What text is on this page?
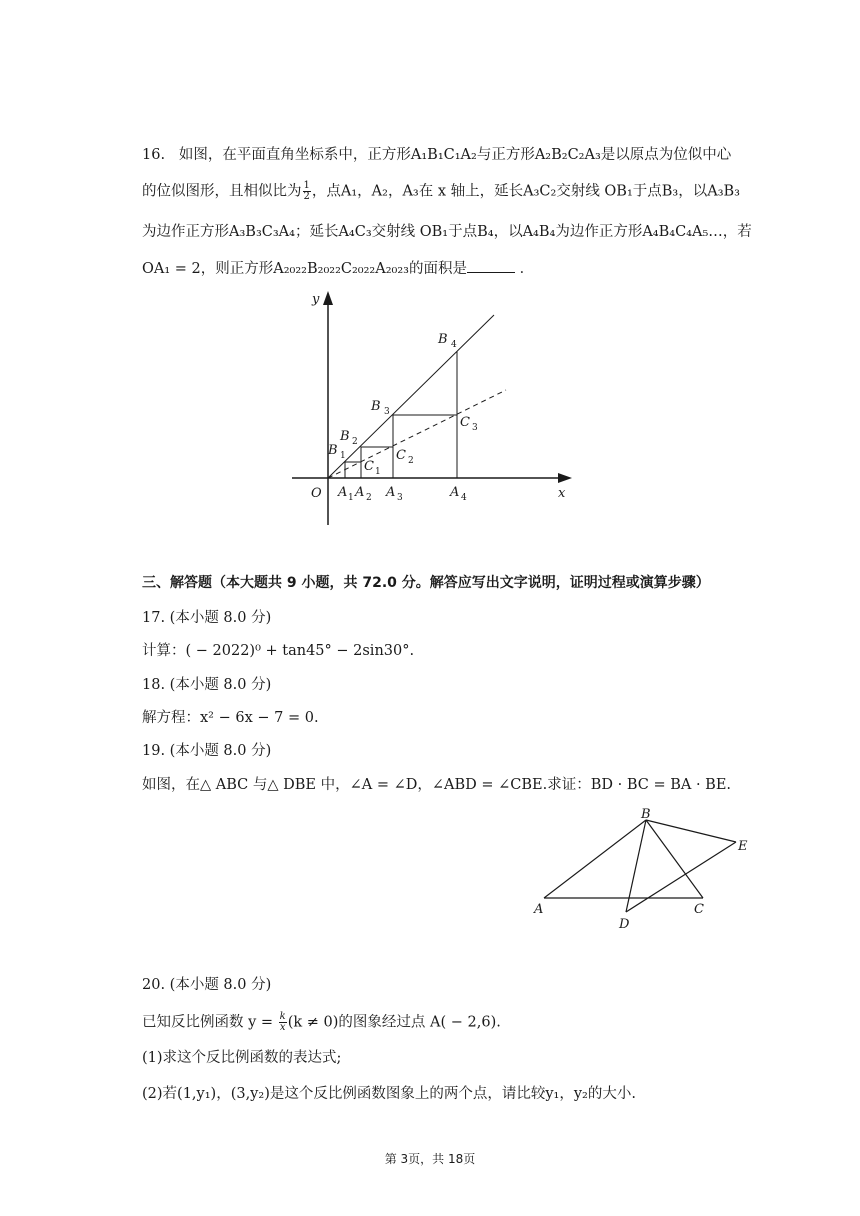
16. 如图，在平面直角坐标系中，正方形A₁B₁C₁A₂与正方形A₂B₂C₂A₃是以原点为位似中心
的位似图形，且相似比为 $\frac{1}{2}$ ，点A₁，A₂，A₃在 x 轴上，延长A₃C₂交射线 OB₁于点B₃，以A₃B₃
为边作正方形A₃B₃C₃A₄；延长A₄C₃交射线 OB₁于点B₄，以A₄B₄为边作正方形A₄B₄C₄A₅…，若
OA₁ = 2，则正方形A₂₀₂₂B₂₀₂₂C₂₀₂₂A₂₀₂₃的面积是	．
y
x
O
B 4
B 3
B 2
B 1
C 1
C 2
C 3
A 1 A 2 A 3	A 4
三、解答题（本大题共 9 小题，共 72.0 分。解答应写出文字说明，证明过程或演算步骤）
17. (本小题 8.0 分)
计算：( − 2022)⁰ + tan45° − 2sin30°.
18. (本小题 8.0 分)
解方程：x² − 6x − 7 = 0.
19. (本小题 8.0 分)
如图，在△ ABC 与△ DBE 中，∠A = ∠D，∠ABD = ∠CBE.求证：BD · BC = BA · BE.
B
E
A	C
D
20. (本小题 8.0 分)
已知反比例函数 $y = \frac{k}{x} (k \ne 0)$的图象经过点 A( − 2,6).
(1)求这个反比例函数的表达式;
(2)若(1,y₁)，(3,y₂)是这个反比例函数图象上的两个点，请比较y₁，y₂的大小.
第 3页，共 18页
